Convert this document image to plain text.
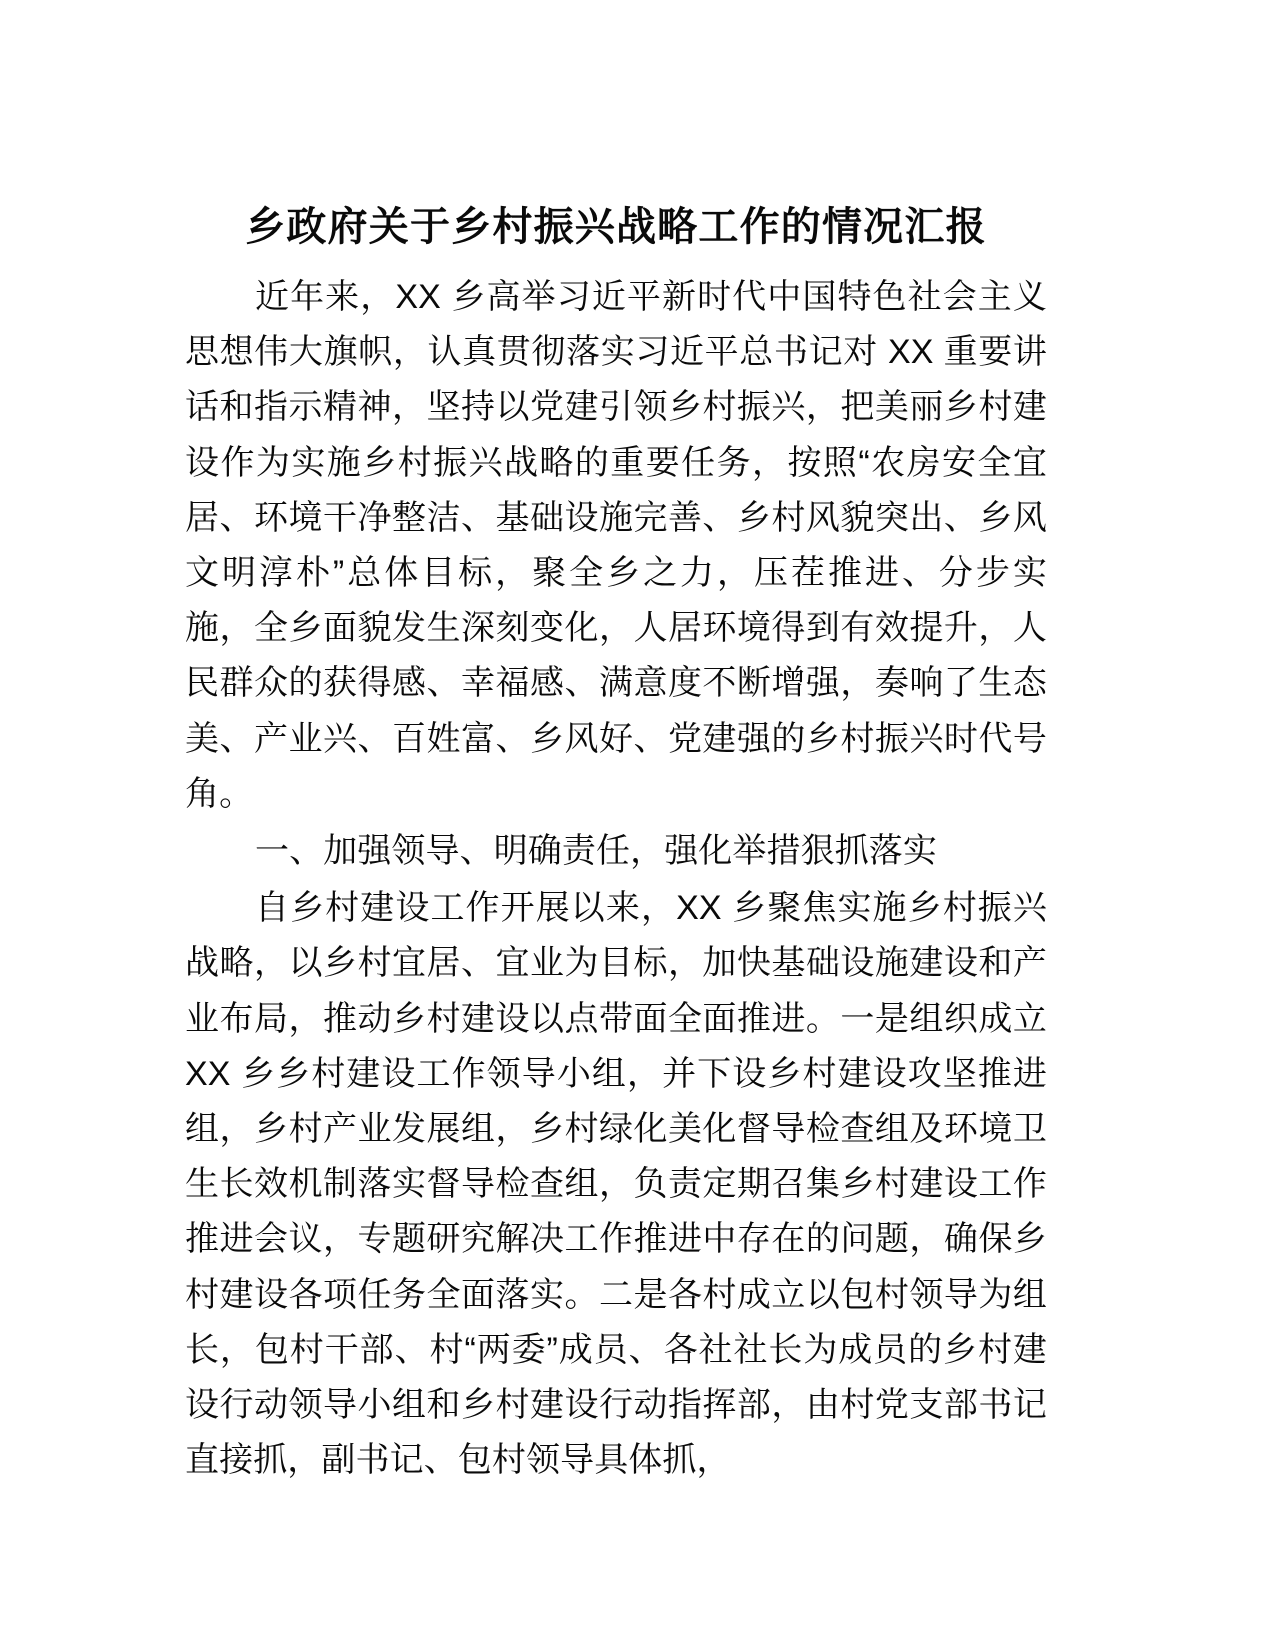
乡政府关于乡村振兴战略工作的情况汇报

近年来，XX 乡高举习近平新时代中国特色社会主义思想伟大旗帜，认真贯彻落实习近平总书记对 XX 重要讲话和指示精神，坚持以党建引领乡村振兴，把美丽乡村建设作为实施乡村振兴战略的重要任务，按照“农房安全宜居、环境干净整洁、基础设施完善、乡村风貌突出、乡风文明淳朴”总体目标，聚全乡之力，压茬推进、分步实施，全乡面貌发生深刻变化，人居环境得到有效提升，人民群众的获得感、幸福感、满意度不断增强，奏响了生态美、产业兴、百姓富、乡风好、党建强的乡村振兴时代号角。

一、加强领导、明确责任，强化举措狠抓落实

自乡村建设工作开展以来，XX 乡聚焦实施乡村振兴战略，以乡村宜居、宜业为目标，加快基础设施建设和产业布局，推动乡村建设以点带面全面推进。一是组织成立 XX 乡乡村建设工作领导小组，并下设乡村建设攻坚推进组，乡村产业发展组，乡村绿化美化督导检查组及环境卫生长效机制落实督导检查组，负责定期召集乡村建设工作推进会议，专题研究解决工作推进中存在的问题，确保乡村建设各项任务全面落实。二是各村成立以包村领导为组长，包村干部、村“两委”成员、各社社长为成员的乡村建设行动领导小组和乡村建设行动指挥部，由村党支部书记直接抓，副书记、包村领导具体抓，
